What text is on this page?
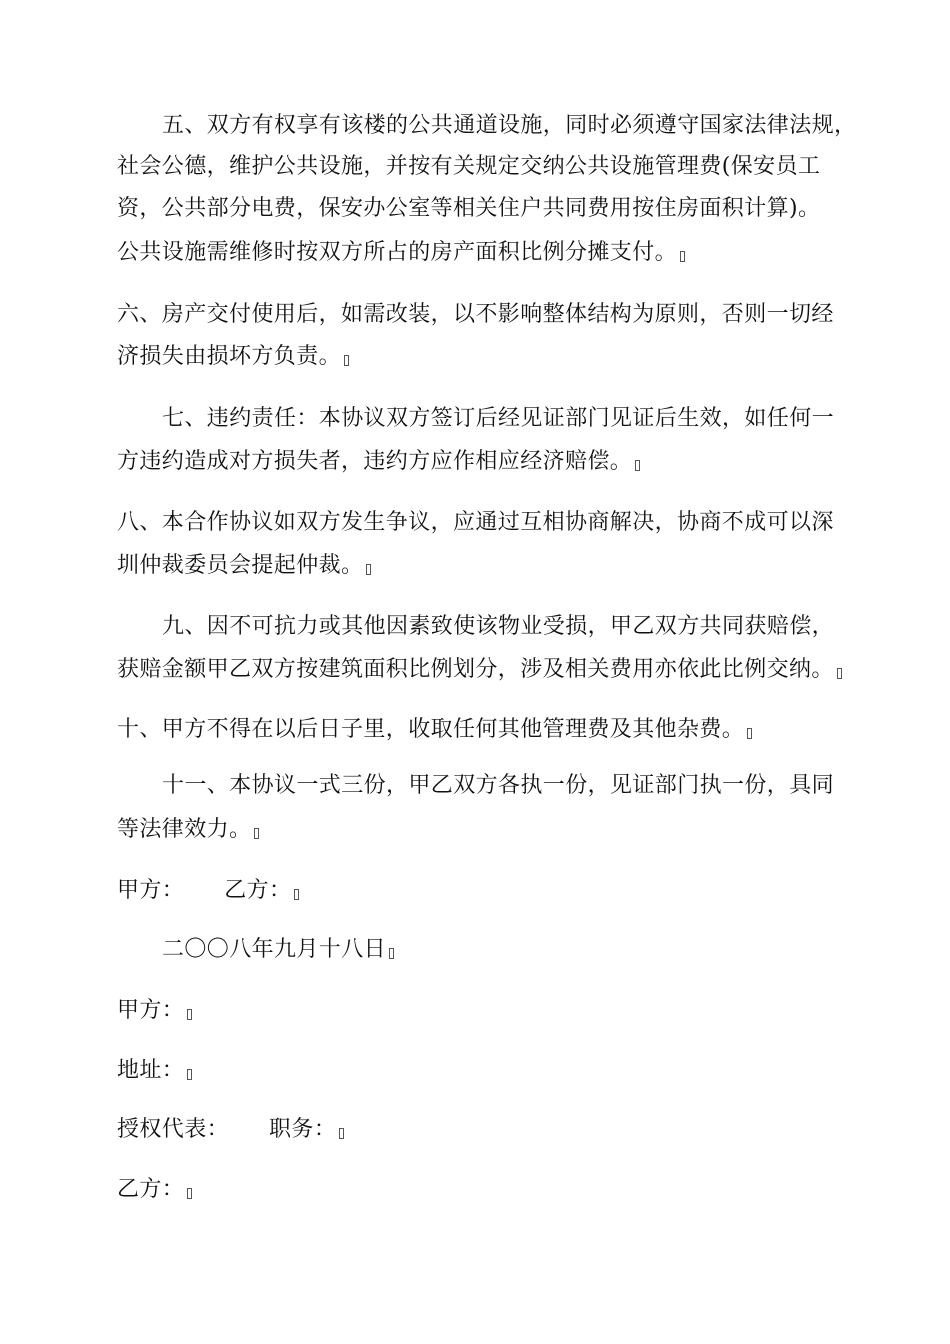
五、双方有权享有该楼的公共通道设施，同时必须遵守国家法律法规，
社会公德，维护公共设施，并按有关规定交纳公共设施管理费(保安员工
资，公共部分电费，保安办公室等相关住户共同费用按住房面积计算)。
公共设施需维修时按双方所占的房产面积比例分摊支付。
六、房产交付使用后，如需改装，以不影响整体结构为原则，否则一切经
济损失由损坏方负责。
七、违约责任：本协议双方签订后经见证部门见证后生效，如任何一
方违约造成对方损失者，违约方应作相应经济赔偿。
八、本合作协议如双方发生争议，应通过互相协商解决，协商不成可以深
圳仲裁委员会提起仲裁。
九、因不可抗力或其他因素致使该物业受损，甲乙双方共同获赔偿，
获赔金额甲乙双方按建筑面积比例划分，涉及相关费用亦依此比例交纳。
十、甲方不得在以后日子里，收取任何其他管理费及其他杂费。
十一、本协议一式三份，甲乙双方各执一份，见证部门执一份，具同
等法律效力。
甲方： 乙方：
二〇〇八年九月十八日
甲方：
地址：
授权代表： 职务：
乙方：
